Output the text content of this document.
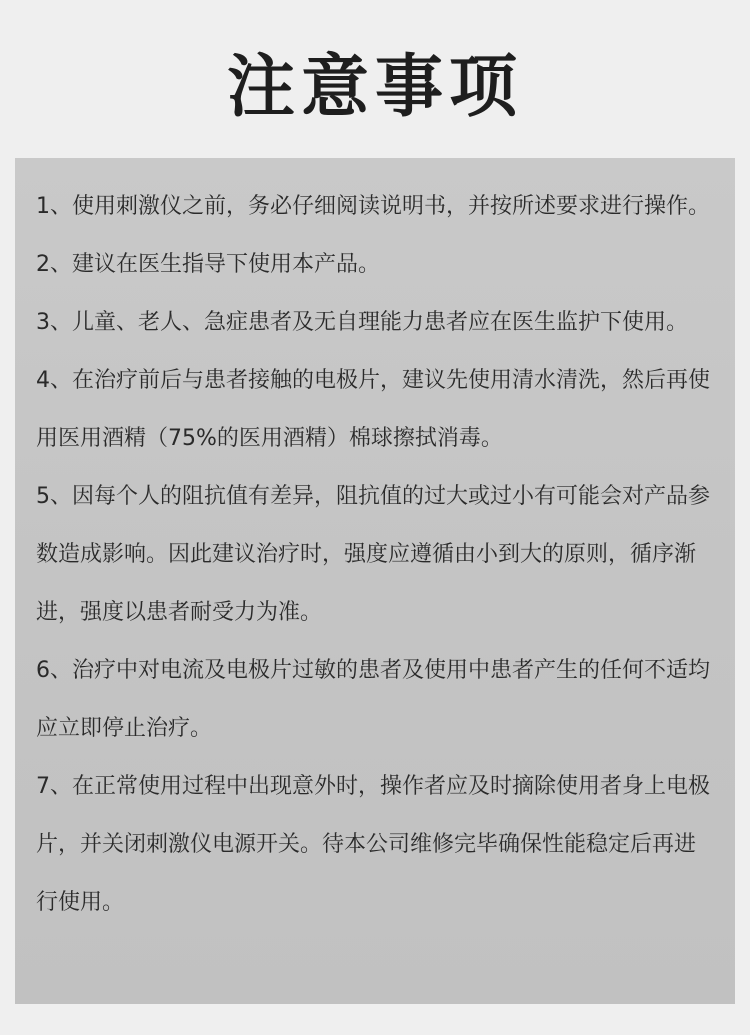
注意事项
1、使用刺激仪之前，务必仔细阅读说明书，并按所述要求进行操作。
2、建议在医生指导下使用本产品。
3、儿童、老人、急症患者及无自理能力患者应在医生监护下使用。
4、在治疗前后与患者接触的电极片，建议先使用清水清洗，然后再使用医用酒精（75%的医用酒精）棉球擦拭消毒。
5、因每个人的阻抗值有差异，阻抗值的过大或过小有可能会对产品参数造成影响。因此建议治疗时，强度应遵循由小到大的原则，循序渐进，强度以患者耐受力为准。
6、治疗中对电流及电极片过敏的患者及使用中患者产生的任何不适均应立即停止治疗。
7、在正常使用过程中出现意外时，操作者应及时摘除使用者身上电极片，并关闭刺激仪电源开关。待本公司维修完毕确保性能稳定后再进行使用。
